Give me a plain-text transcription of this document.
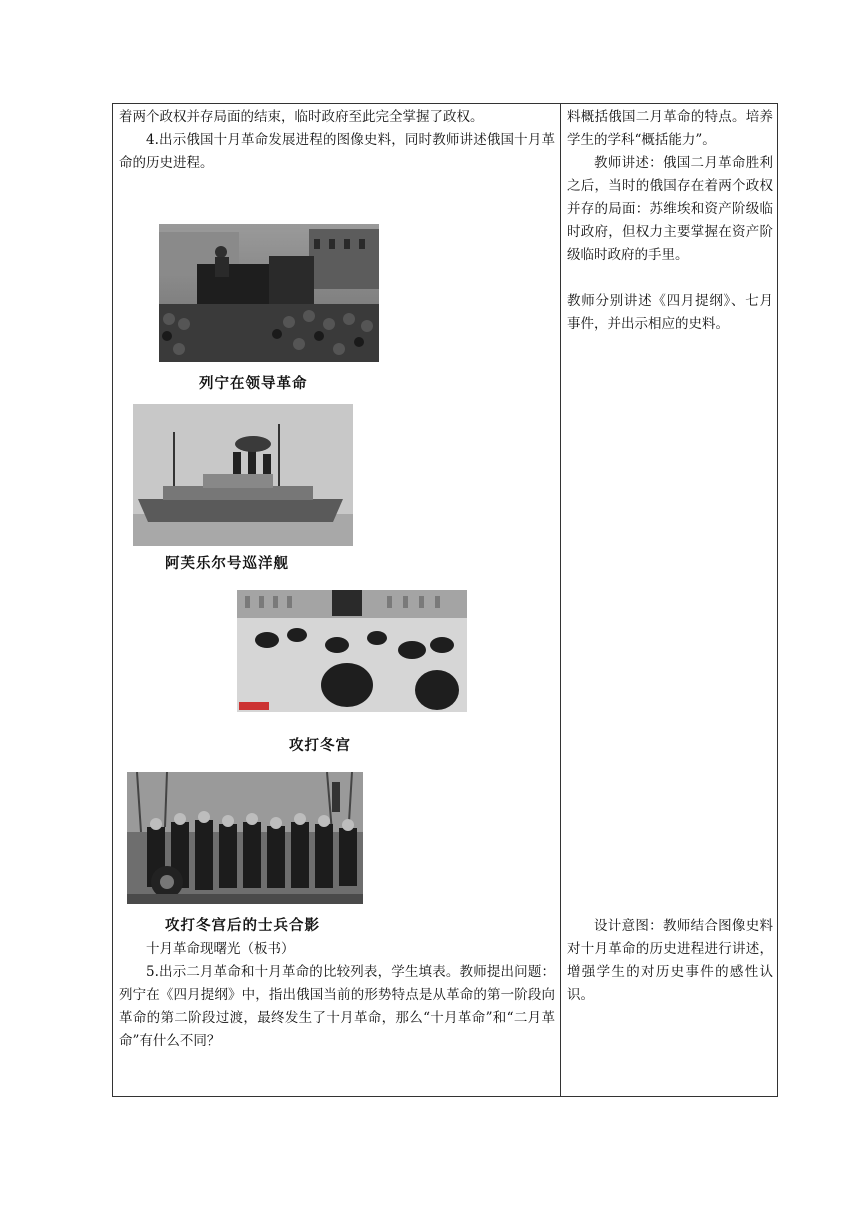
着两个政权并存局面的结束，临时政府至此完全掌握了政权。

4.出示俄国十月革命发展进程的图像史料，同时教师讲述俄国十月革命的历史进程。

列宁在领导革命
阿芙乐尔号巡洋舰
攻打冬宫
攻打冬宫后的士兵合影

十月革命现曙光（板书）

5.出示二月革命和十月革命的比较列表，学生填表。教师提出问题：列宁在《四月提纲》中，指出俄国当前的形势特点是从革命的第一阶段向革命的第二阶段过渡，最终发生了十月革命，那么“十月革命”和“二月革命”有什么不同？

料概括俄国二月革命的特点。培养学生的学科“概括能力”。

教师讲述：俄国二月革命胜利之后，当时的俄国存在着两个政权并存的局面：苏维埃和资产阶级临时政府，但权力主要掌握在资产阶级临时政府的手里。

教师分别讲述《四月提纲》、七月事件，并出示相应的史料。

设计意图：教师结合图像史料对十月革命的历史进程进行讲述，增强学生的对历史事件的感性认识。
